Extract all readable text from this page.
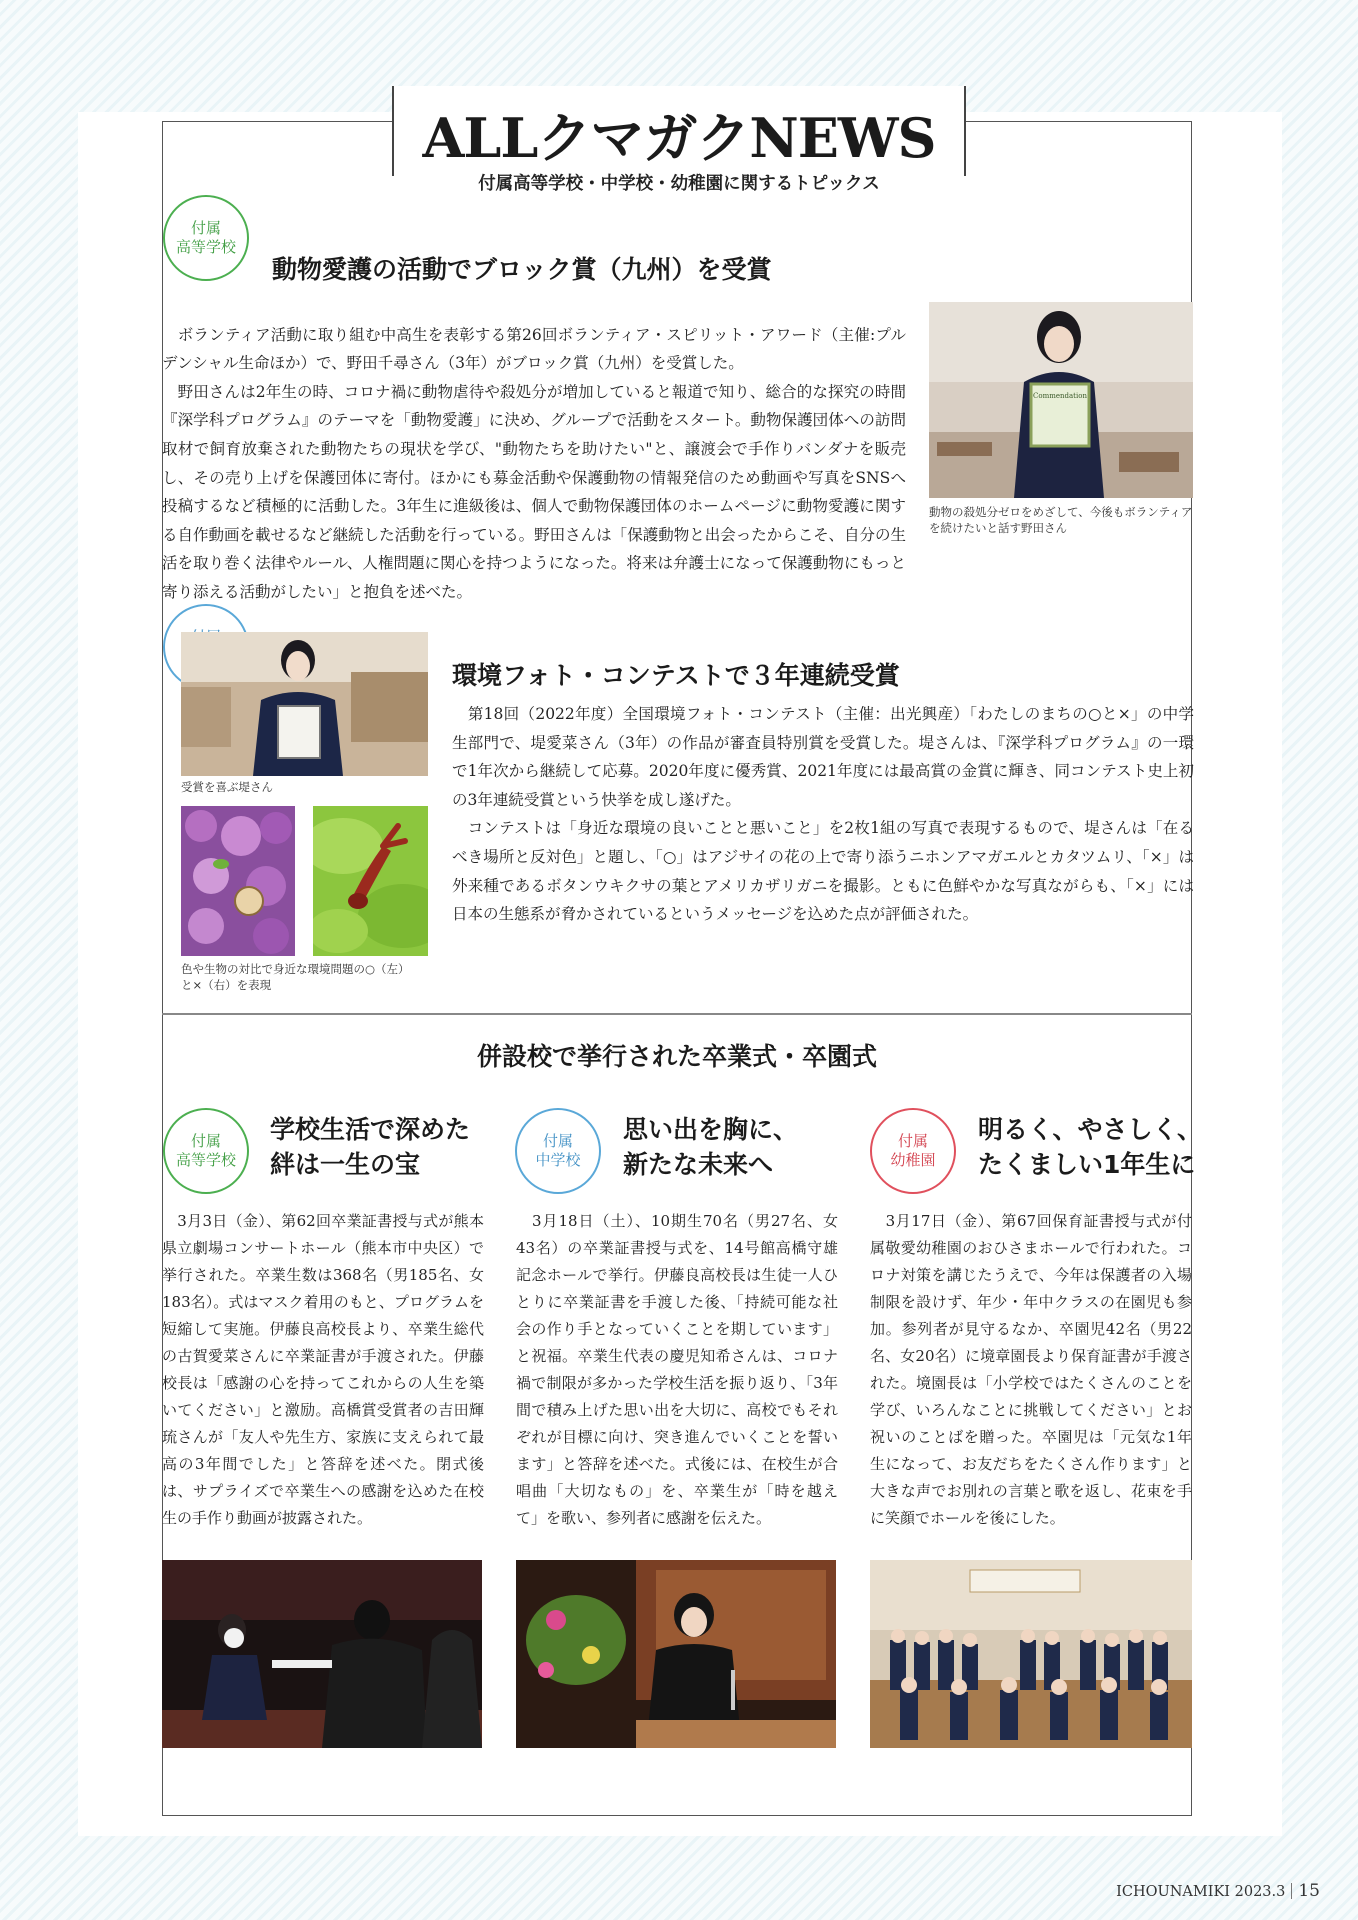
ALLクマガクNEWS
付属高等学校・中学校・幼稚園に関するトピックス
付属
高等学校
動物愛護の活動でブロック賞（九州）を受賞

　ボランティア活動に取り組む中高生を表彰する第26回ボランティア・スピリット・アワード（主催:プルデンシャル生命ほか）で、野田千尋さん（3年）がブロック賞（九州）を受賞した。
　野田さんは2年生の時、コロナ禍に動物虐待や殺処分が増加していると報道で知り、総合的な探究の時間『深学科プログラム』のテーマを「動物愛護」に決め、グループで活動をスタート。動物保護団体への訪問取材で飼育放棄された動物たちの現状を学び、"動物たちを助けたい"と、譲渡会で手作りバンダナを販売し、その売り上げを保護団体に寄付。ほかにも募金活動や保護動物の情報発信のため動画や写真をSNSへ投稿するなど積極的に活動した。3年生に進級後は、個人で動物保護団体のホームページに動物愛護に関する自作動画を載せるなど継続した活動を行っている。野田さんは「保護動物と出会ったからこそ、自分の生活を取り巻く法律やルール、人権問題に関心を持つようになった。将来は弁護士になって保護動物にもっと寄り添える活動がしたい」と抱負を述べた。

Commendation
動物の殺処分ゼロをめざして、今後もボランティアを続けたいと話す野田さん
受賞を喜ぶ堤さん
色や生物の対比で身近な環境問題の○（左）と×（右）を表現
環境フォト・コンテストで３年連続受賞
　第18回（2022年度）全国環境フォト・コンテスト（主催：出光興産）「わたしのまちの○と×」の中学生部門で、堤愛菜さん（3年）の作品が審査員特別賞を受賞した。堤さんは、『深学科プログラム』の一環で1年次から継続して応募。2020年度に優秀賞、2021年度には最高賞の金賞に輝き、同コンテスト史上初の3年連続受賞という快挙を成し遂げた。
　コンテストは「身近な環境の良いことと悪いこと」を2枚1組の写真で表現するもので、堤さんは「在るべき場所と反対色」と題し、「○」はアジサイの花の上で寄り添うニホンアマガエルとカタツムリ、「×」は外来種であるボタンウキクサの葉とアメリカザリガニを撮影。ともに色鮮やかな写真ながらも、「×」には日本の生態系が脅かされているというメッセージを込めた点が評価された。
併設校で挙行された卒業式・卒園式
付属
高等学校
学校生活で深めた
絆は一生の宝
　3月3日（金）、第62回卒業証書授与式が熊本県立劇場コンサートホール（熊本市中央区）で挙行された。卒業生数は368名（男185名、女183名）。式はマスク着用のもと、プログラムを短縮して実施。伊藤良高校長より、卒業生総代の古賀愛菜さんに卒業証書が手渡された。伊藤校長は「感謝の心を持ってこれからの人生を築いてください」と激励。高橋賞受賞者の吉田輝琉さんが「友人や先生方、家族に支えられて最高の3年間でした」と答辞を述べた。閉式後は、サプライズで卒業生への感謝を込めた在校生の手作り動画が披露された。
付属
中学校
思い出を胸に、
新たな未来へ
　3月18日（土）、10期生70名（男27名、女43名）の卒業証書授与式を、14号館高橋守雄記念ホールで挙行。伊藤良高校長は生徒一人ひとりに卒業証書を手渡した後、「持続可能な社会の作り手となっていくことを期しています」と祝福。卒業生代表の慶児知希さんは、コロナ禍で制限が多かった学校生活を振り返り、「3年間で積み上げた思い出を大切に、高校でもそれぞれが目標に向け、突き進んでいくことを誓います」と答辞を述べた。式後には、在校生が合唱曲「大切なもの」を、卒業生が「時を越えて」を歌い、参列者に感謝を伝えた。
付属
幼稚園
明るく、やさしく、
たくましい1年生に
　3月17日（金）、第67回保育証書授与式が付属敬愛幼稚園のおひさまホールで行われた。コロナ対策を講じたうえで、今年は保護者の入場制限を設けず、年少・年中クラスの在園児も参加。参列者が見守るなか、卒園児42名（男22名、女20名）に境章園長より保育証書が手渡された。境園長は「小学校ではたくさんのことを学び、いろんなことに挑戦してください」とお祝いのことばを贈った。卒園児は「元気な1年生になって、お友だちをたくさん作ります」と大きな声でお別れの言葉と歌を返し、花束を手に笑顔でホールを後にした。
ICHOUNAMIKI 2023.3 15
